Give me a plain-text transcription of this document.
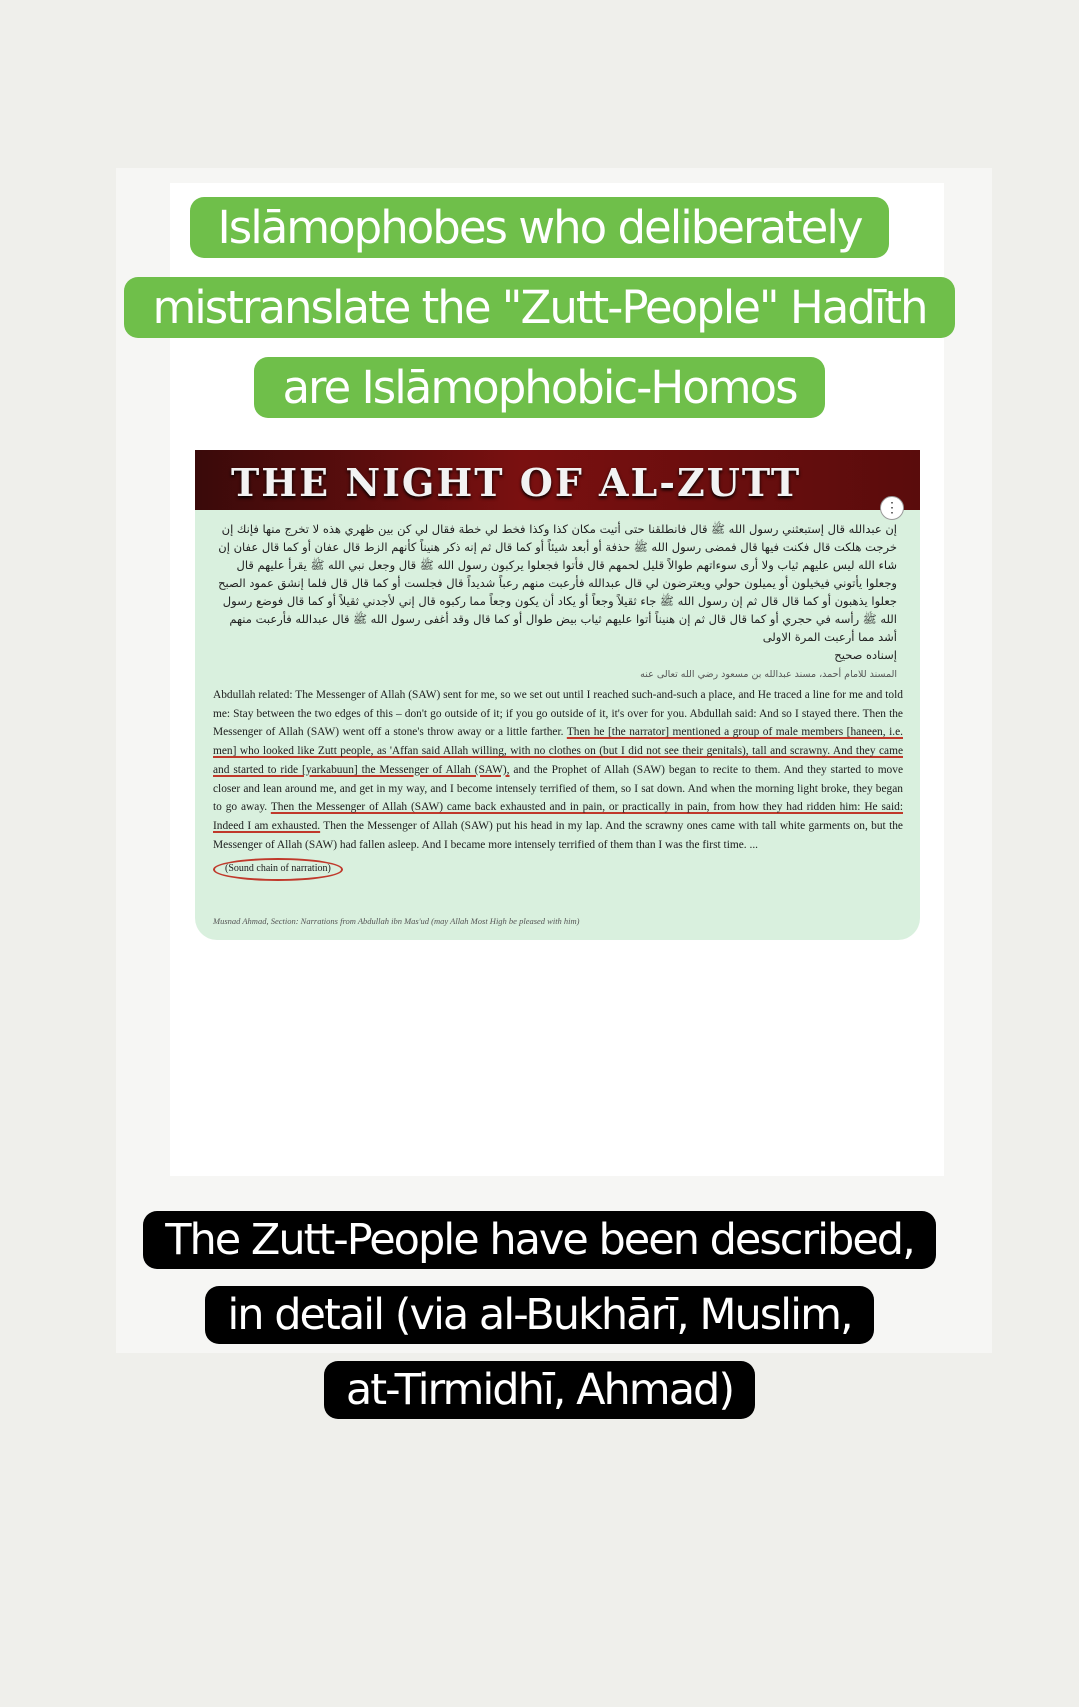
THE NIGHT OF AL-ZUTT
⋮

إن عبدالله قال إستبعثني رسول الله ﷺ قال فانطلقنا حتى أتيت مكان كذا وكذا فخط لي خطة فقال لي كن بين ظهري هذه لا تخرج منها فإنك إن خرجت هلكت قال فكنت فيها قال فمضى رسول الله ﷺ حذفة أو أبعد شيئاً أو كما قال ثم إنه ذكر هنيناً كأنهم الزط قال عفان أو كما قال عفان إن شاء الله ليس عليهم ثياب ولا أرى سوءاتهم طوالاً قليل لحمهم قال فأتوا فجعلوا يركبون رسول الله ﷺ قال وجعل نبي الله ﷺ يقرأ عليهم قال وجعلوا يأتوني فيخيلون أو يميلون حولي ويعترضون لي قال عبدالله فأرعبت منهم رعباً شديداً قال فجلست أو كما قال قال فلما إنشق عمود الصبح جعلوا يذهبون أو كما قال قال ثم إن رسول الله ﷺ جاء ثقيلاً وجعاً أو يكاد أن يكون وجعاً مما ركبوه قال إني لأجدني ثقيلاً أو كما قال فوضع رسول الله ﷺ رأسه في حجري أو كما قال قال ثم إن هنيناً أتوا عليهم ثياب بيض طوال أو كما قال وقد أغفى رسول الله ﷺ قال عبدالله فأرعبت منهم أشد مما أرعبت المرة الاولى

إسناده صحيح

المسند للامام أحمد، مسند عبدالله بن مسعود رضي الله تعالى عنه

Abdullah related: The Messenger of Allah (SAW) sent for me, so we set out until I reached such-and-such a place, and He traced a line for me and told me: Stay between the two edges of this – don't go outside of it; if you go outside of it, it's over for you. Abdullah said: And so I stayed there. Then the Messenger of Allah (SAW) went off a stone's throw away or a little farther. Then he [the narrator] mentioned a group of male members [haneen, i.e. men] who looked like Zutt people, as 'Affan said Allah willing, with no clothes on (but I did not see their genitals), tall and scrawny. And they came and started to ride [yarkabuun] the Messenger of Allah (SAW), and the Prophet of Allah (SAW) began to recite to them. And they started to move closer and lean around me, and get in my way, and I become intensely terrified of them, so I sat down. And when the morning light broke, they began to go away. Then the Messenger of Allah (SAW) came back exhausted and in pain, or practically in pain, from how they had ridden him: He said: Indeed I am exhausted. Then the Messenger of Allah (SAW) put his head in my lap. And the scrawny ones came with tall white garments on, but the Messenger of Allah (SAW) had fallen asleep. And I became more intensely terrified of them than I was the first time. ...

(Sound chain of narration)
Musnad Ahmad, Section: Narrations from Abdullah ibn Mas'ud (may Allah Most High be pleased with him)
Islāmophobes who deliberately
mistranslate the "Zutt-People" Hadīth
are Islāmophobic-Homos
The Zutt-People have been described,
in detail (via al-Bukhārī, Muslim,
at-Tirmidhī, Ahmad)
